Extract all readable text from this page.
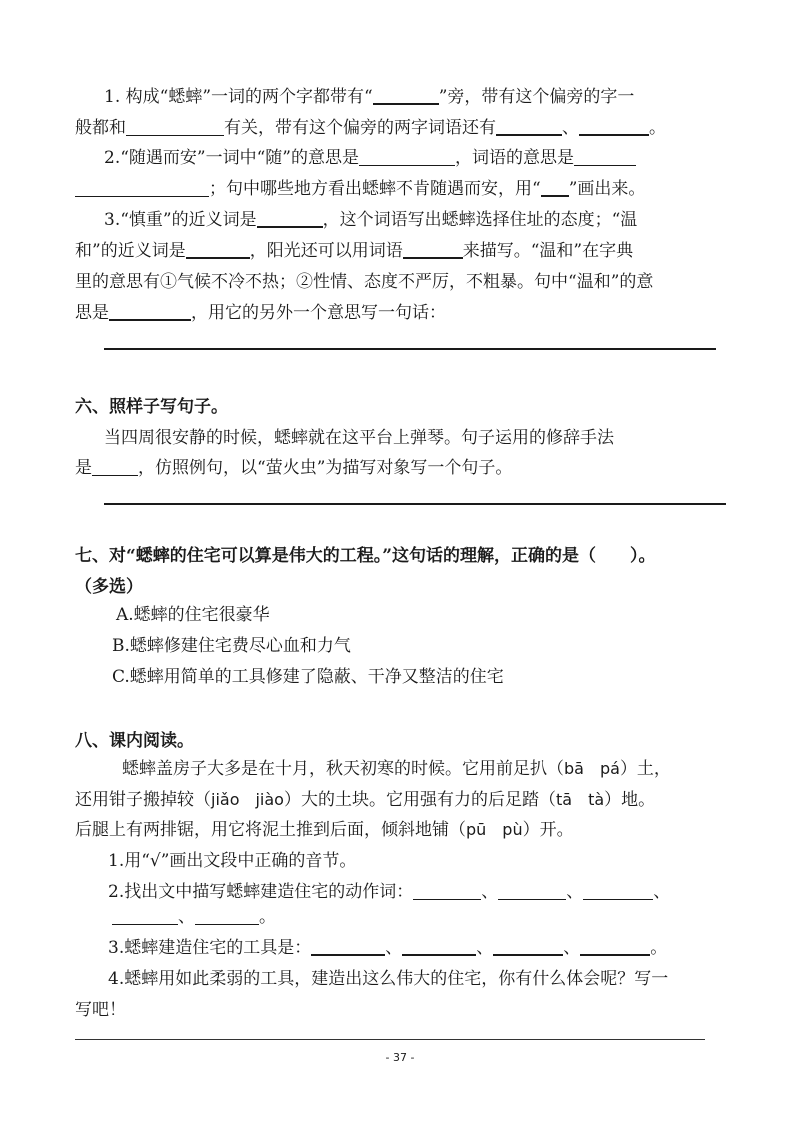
1. 构成“蟋蟀”一词的两个字都带有“	”旁，带有这个偏旁的字一
般都和	有关，带有这个偏旁的两字词语还有	、	。
2.“随遇而安”一词中“随”的意思是	，词语的意思是
；句中哪些地方看出蟋蟀不肯随遇而安，用“ ”画出来。
3.“慎重”的近义词是	，这个词语写出蟋蟀选择住址的态度；“温
和”的近义词是	，阳光还可以用词语	来描写。“温和”在字典
里的意思有①气候不冷不热；②性情、态度不严厉，不粗暴。句中“温和”的意
思是	，用它的另外一个意思写一句话：
六、照样子写句子。
当四周很安静的时候，蟋蟀就在这平台上弹琴。句子运用的修辞手法
是	，仿照例句，以“萤火虫”为描写对象写一个句子。
七、对“蟋蟀的住宅可以算是伟大的工程。”这句话的理解，正确的是（　　）。
（多选）
A.蟋蟀的住宅很豪华
B.蟋蟀修建住宅费尽心血和力气
C.蟋蟀用简单的工具修建了隐蔽、干净又整洁的住宅
八、课内阅读。
蟋蟀盖房子大多是在十月，秋天初寒的时候。它用前足扒（bā　pá）土，
还用钳子搬掉较（jiǎo　jiào）大的土块。它用强有力的后足踏（tā　tà）地。
后腿上有两排锯，用它将泥土推到后面，倾斜地铺（pū　pù）开。
1.用“√”画出文段中正确的音节。
2.找出文中描写蟋蟀建造住宅的动作词：	、	、	、
、	。
3.蟋蟀建造住宅的工具是：	、	、	、	。
4.蟋蟀用如此柔弱的工具，建造出这么伟大的住宅，你有什么体会呢？写一
写吧！
- 37 -
